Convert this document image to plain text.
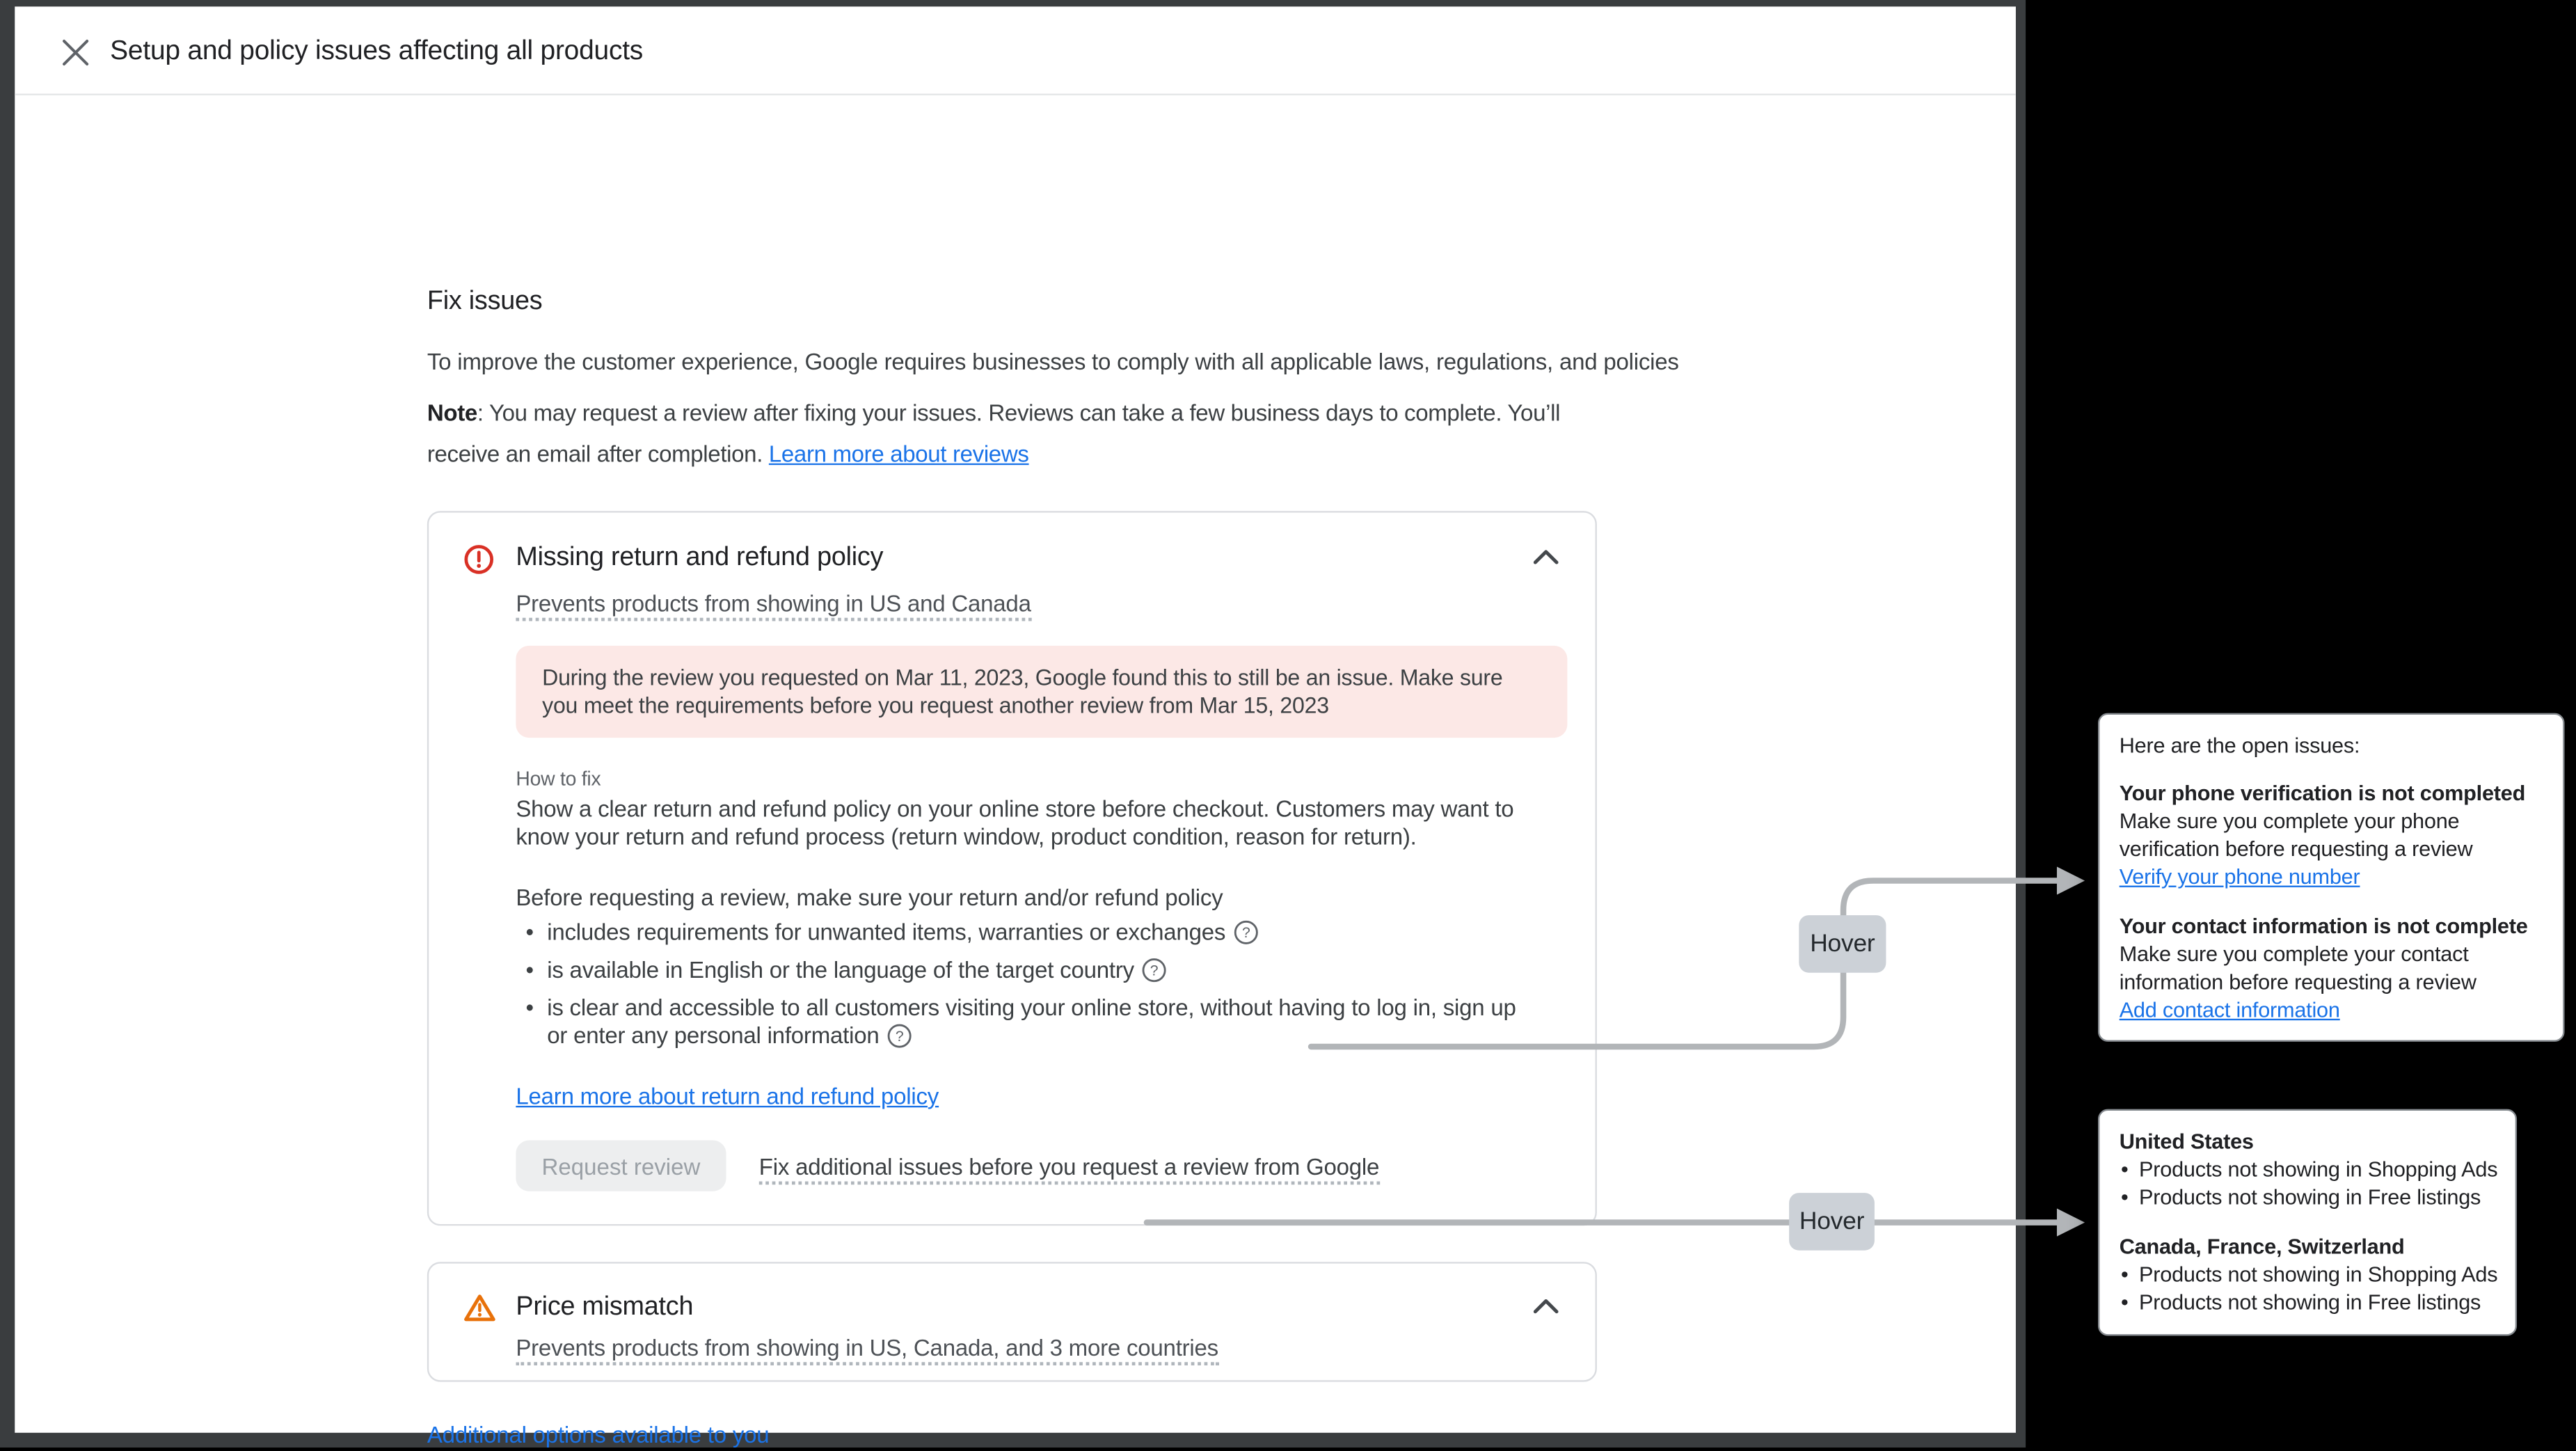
Setup and policy issues affecting all products
Fix issues

To improve the customer experience, Google requires businesses to comply with all applicable laws, regulations, and policies

Note: You may request a review after fixing your issues. Reviews can take a few business days to complete. You’ll receive an email after completion. Learn more about reviews

Missing return and refund policy
Prevents products from showing in US and Canada
During the review you requested on Mar 11, 2023, Google found this to still be an issue. Make sure you meet the requirements before you request another review from Mar 15, 2023
How to fix
Show a clear return and refund policy on your online store before checkout. Customers may want to know your return and refund process (return window, product condition, reason for return).
Before requesting a review, make sure your return and/or refund policy
• includes requirements for unwanted items, warranties or exchanges	?
• is available in English or the language of the target country	?
• is clear and accessible to all customers visiting your online store, without having to log in, sign up or enter any personal information	?
Learn more about return and refund policy
Request review	Fix additional issues before you request a review from Google
Price mismatch
Prevents products from showing in US, Canada, and 3 more countries
Additional options available to you
Hover
Hover
Here are the open issues:
Your phone verification is not completed
Make sure you complete your phone verification before requesting a review
Verify your phone number
Your contact information is not complete
Make sure you complete your contact information before requesting a review
Add contact information
United States
• Products not showing in Shopping Ads
• Products not showing in Free listings
Canada, France, Switzerland
• Products not showing in Shopping Ads
• Products not showing in Free listings
